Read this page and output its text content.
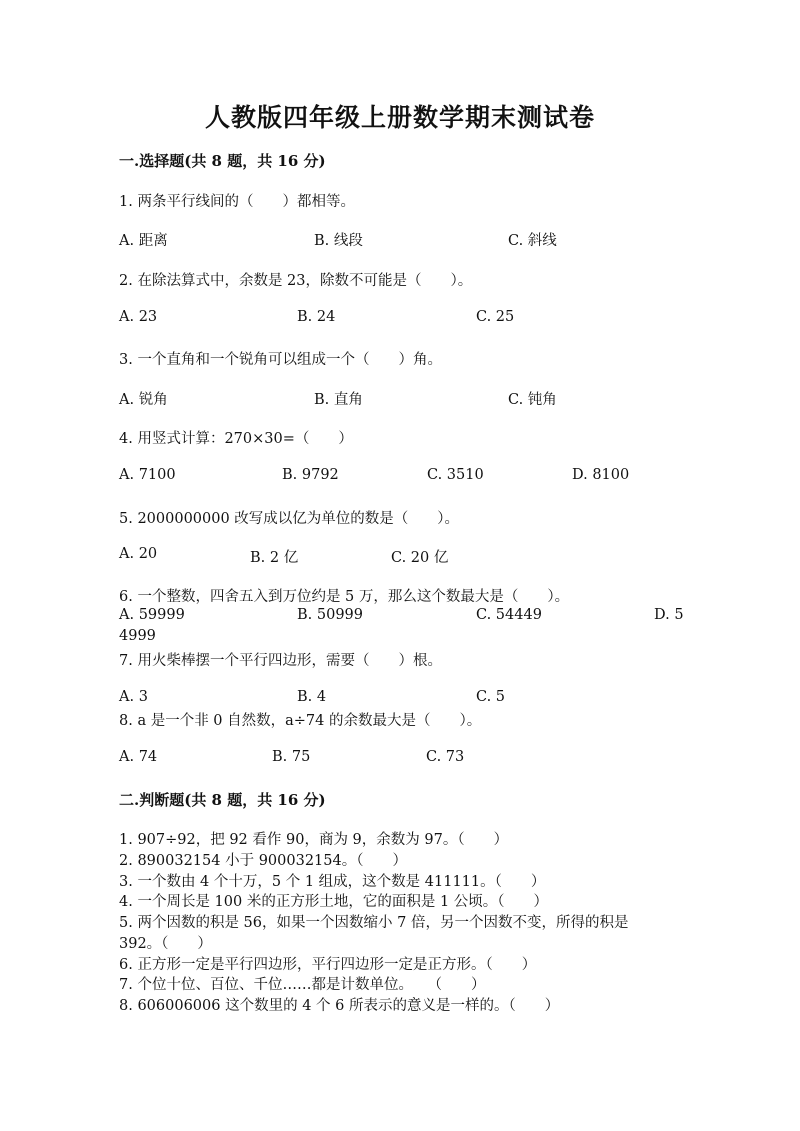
人教版四年级上册数学期末测试卷
一.选择题(共 8 题，共 16 分)
1. 两条平行线间的（　　）都相等。
A. 距离	B. 线段	C. 斜线
2. 在除法算式中，余数是 23，除数不可能是（　　）。
A. 23	B. 24	C. 25
3. 一个直角和一个锐角可以组成一个（　　）角。
A. 锐角	B. 直角	C. 钝角
4. 用竖式计算：270×30=（　　）
A. 7100	B. 9792	C. 3510	D. 8100
5. 2000000000 改写成以亿为单位的数是（　　）。
A. 20	B. 2 亿	C. 20 亿
6. 一个整数，四舍五入到万位约是 5 万，那么这个数最大是（　　）。
A. 59999	B. 50999	C. 54449	D. 5
4999
7. 用火柴棒摆一个平行四边形，需要（　　）根。
A. 3	B. 4	C. 5
8. a 是一个非 0 自然数，a÷74 的余数最大是（　　）。
A. 74	B. 75	C. 73
二.判断题(共 8 题，共 16 分)
1. 907÷92，把 92 看作 90，商为 9，余数为 97。（　　）
2. 890032154 小于 900032154。（　　）
3. 一个数由 4 个十万，5 个 1 组成，这个数是 411111。（　　）
4. 一个周长是 100 米的正方形土地，它的面积是 1 公顷。（　　）
5. 两个因数的积是 56，如果一个因数缩小 7 倍，另一个因数不变，所得的积是
392。（　　）
6. 正方形一定是平行四边形，平行四边形一定是正方形。（　　）
7. 个位十位、百位、千位……都是计数单位。　　（　　）
8. 606006006 这个数里的 4 个 6 所表示的意义是一样的。（　　）
